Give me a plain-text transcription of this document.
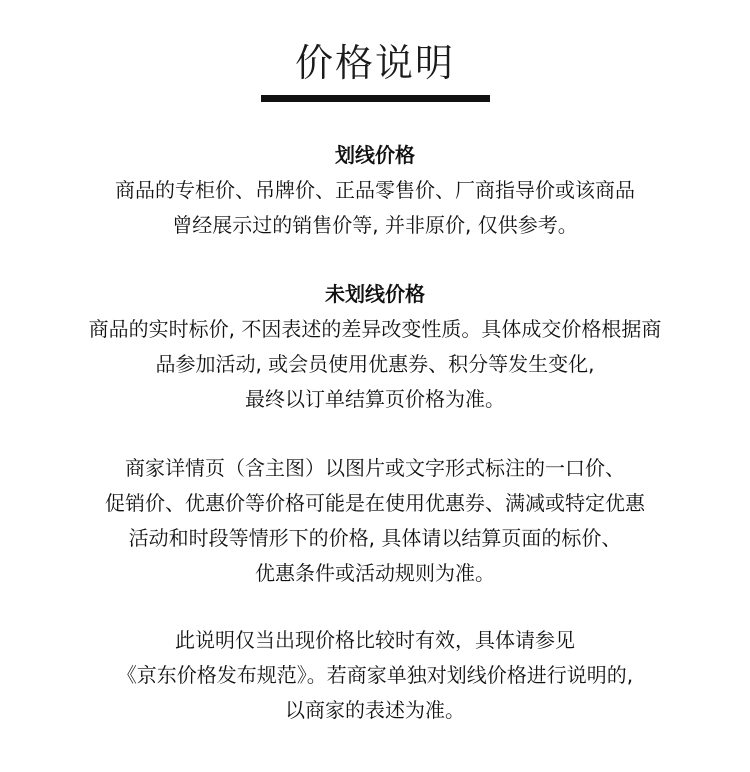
价格说明
划线价格
商品的专柜价、吊牌价、正品零售价、厂商指导价或该商品
曾经展示过的销售价等, 并非原价, 仅供参考。
未划线价格
商品的实时标价, 不因表述的差异改变性质。具体成交价格根据商
品参加活动, 或会员使用优惠券、积分等发生变化,
最终以订单结算页价格为准。
商家详情页（含主图）以图片或文字形式标注的一口价、
促销价、优惠价等价格可能是在使用优惠券、满减或特定优惠
活动和时段等情形下的价格, 具体请以结算页面的标价、
优惠条件或活动规则为准。
此说明仅当出现价格比较时有效，具体请参见
《京东价格发布规范》。若商家单独对划线价格进行说明的,
以商家的表述为准。
